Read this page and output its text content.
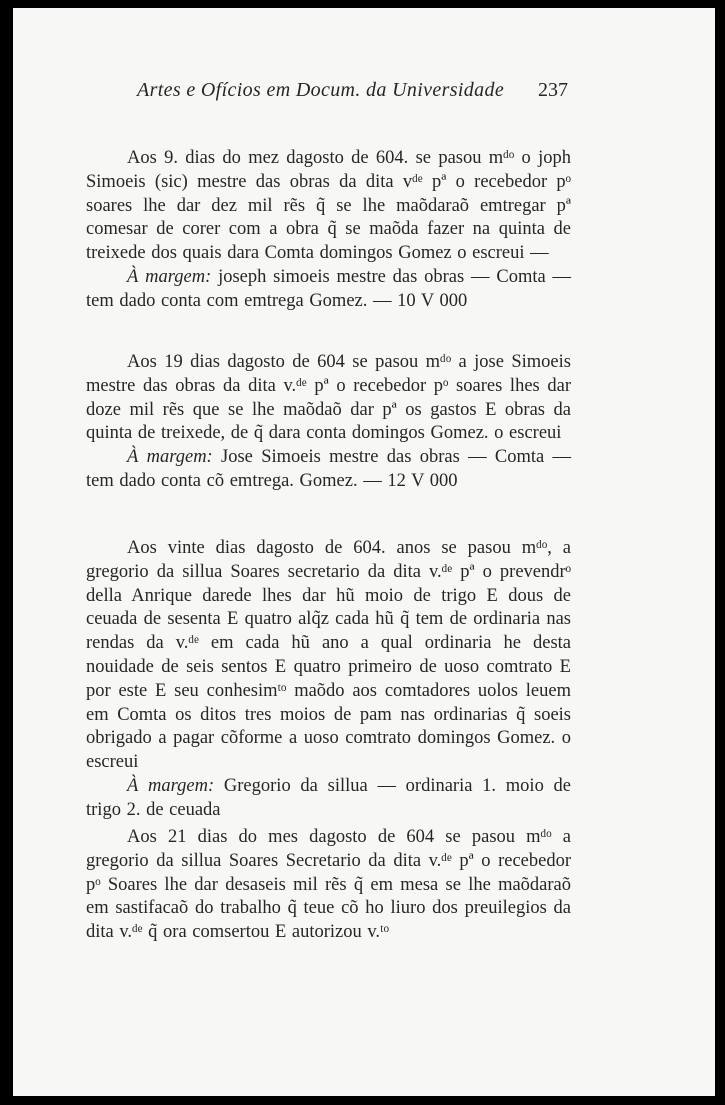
Artes e Ofícios em Docum. da Universidade 237

Aos 9. dias do mez dagosto de 604. se pasou mᵈᵒ o joph Simoeis (sic) mestre das obras da dita vᵈᵉ pª o recebedor pᵒ soares lhe dar dez mil rẽs q̃ se lhe maõdaraõ emtregar pª comesar de corer com a obra q̃ se maõda fazer na quinta de treixede dos quais dara Comta domingos Gomez o escreui —

À margem: joseph simoeis mestre das obras — Comta — tem dado conta com emtrega Gomez. — 10 V 000

Aos 19 dias dagosto de 604 se pasou mᵈᵒ a jose Simoeis mestre das obras da dita v.ᵈᵉ pª o recebedor pᵒ soares lhes dar doze mil rẽs que se lhe maõdaõ dar pª os gastos E obras da quinta de treixede, de q̃ dara conta domingos Gomez. o escreui

À margem: Jose Simoeis mestre das obras — Comta — tem dado conta cõ emtrega. Gomez. — 12 V 000

Aos vinte dias dagosto de 604. anos se pasou mᵈᵒ, a gregorio da sillua Soares secretario da dita v.ᵈᵉ pª o prevendrᵒ della Anrique darede lhes dar hũ moio de trigo E dous de ceuada de sesenta E quatro alq̃z cada hũ q̃ tem de ordinaria nas rendas da v.ᵈᵉ em cada hũ ano a qual ordinaria he desta nouidade de seis sentos E quatro primeiro de uoso comtrato E por este E seu conhesimᵗᵒ maõdo aos comtadores uolos leuem em Comta os ditos tres moios de pam nas ordinarias q̃ soeis obrigado a pagar cõforme a uoso comtrato domingos Gomez. o escreui

À margem: Gregorio da sillua — ordinaria 1. moio de trigo 2. de ceuada

Aos 21 dias do mes dagosto de 604 se pasou mᵈᵒ a gregorio da sillua Soares Secretario da dita v.ᵈᵉ pª o recebedor pᵒ Soares lhe dar desaseis mil rẽs q̃ em mesa se lhe maõdaraõ em sastifacaõ do trabalho q̃ teue cõ ho liuro dos preuilegios da dita v.ᵈᵉ q̃ ora comsertou E autorizou v.ᵗᵒ
